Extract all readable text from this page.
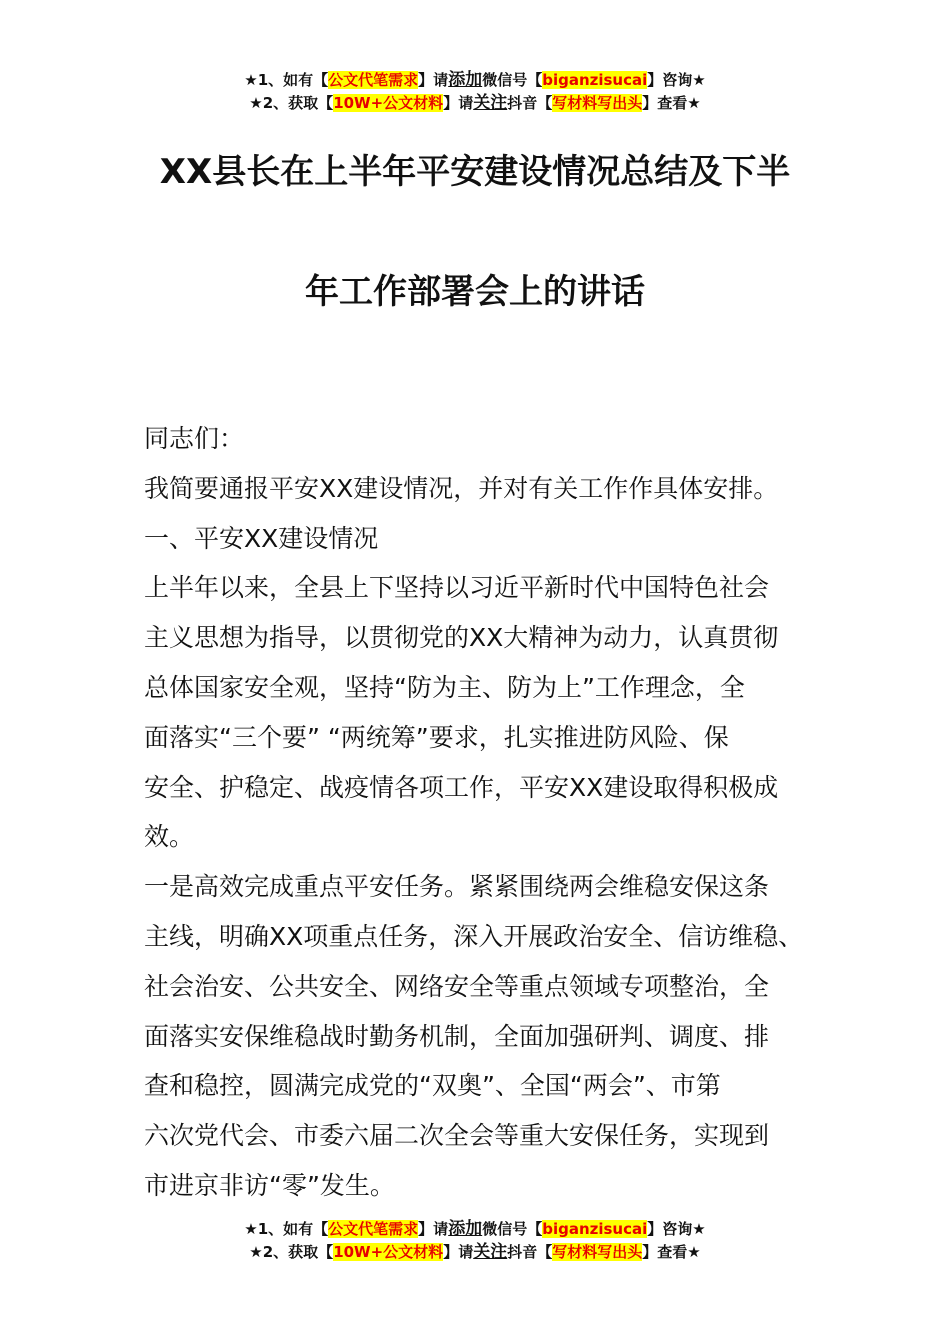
★1、如有【公文代笔需求】请添加微信号【biganzisucai】咨询★
★2、获取【10W+公文材料】请关注抖音【写材料写出头】查看★
XX县长在上半年平安建设情况总结及下半
年工作部署会上的讲话

同志们：

我简要通报平安XX建设情况，并对有关工作作具体安排。

一、平安XX建设情况

上半年以来，全县上下坚持以习近平新时代中国特色社会

主义思想为指导，以贯彻党的XX大精神为动力，认真贯彻

总体国家安全观，坚持“防为主、防为上”工作理念，全

面落实“三个要” “两统筹”要求，扎实推进防风险、保

安全、护稳定、战疫情各项工作，平安XX建设取得积极成

效。

一是高效完成重点平安任务。紧紧围绕两会维稳安保这条

主线，明确XX项重点任务，深入开展政治安全、信访维稳、

社会治安、公共安全、网络安全等重点领域专项整治，全

面落实安保维稳战时勤务机制，全面加强研判、调度、排

查和稳控，圆满完成党的“双奥”、全国“两会”、市第

六次党代会、市委六届二次全会等重大安保任务，实现到

市进京非访“零”发生。

★1、如有【公文代笔需求】请添加微信号【biganzisucai】咨询★
★2、获取【10W+公文材料】请关注抖音【写材料写出头】查看★
